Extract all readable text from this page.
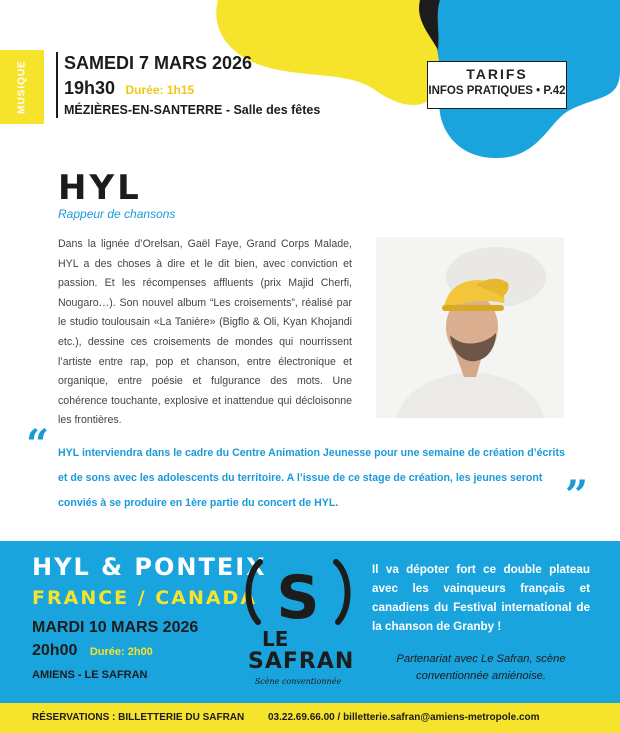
MUSIQUE SAMEDI 7 MARS 2026
19h30 Durée: 1h15
MÉZIÈRES-EN-SANTERRE - Salle des fêtes
TARIFS
INFOS PRATIQUES • P.42
HYL
Rappeur de chansons
Dans la lignée d’Orelsan, Gaël Faye, Grand Corps Malade, HYL a des choses à dire et le dit bien, avec conviction et passion. Et les récompenses affluents (prix Majid Cherfi, Nougaro…). Son nouvel album “Les croisements”, réalisé par le studio toulousain «La Tanière» (Bigflo & Oli, Kyan Khojandi etc.), dessine ces croisements de mondes qui nourrissent l’artiste entre rap, pop et chanson, entre électronique et organique, entre poésie et fulgurance des mots. Une cohérence touchante, explosive et inattendue qui décloisonne les frontières.
“ HYL interviendra dans le cadre du Centre Animation Jeunesse pour une semaine de création d’écrits et de sons avec les adolescents du territoire. A l’issue de ce stage de création, les jeunes seront conviés à se produire en 1ère partie du concert de HYL.	”
HYL & PONTEIX
FRANCE / CANADA
MARDI 10 MARS 2026
20h00 Durée: 2h00
AMIENS - LE SAFRAN
S
LE
SAFRAN
Scène conventionnée
Il va dépoter fort ce double plateau avec les vainqueurs français et canadiens du Festival international de la chanson de Granby !
Partenariat avec Le Safran, scène conventionnée amiénoise.
RÉSERVATIONS : BILLETTERIE DU SAFRAN 03.22.69.66.00 / billetterie.safran@amiens-metropole.com
